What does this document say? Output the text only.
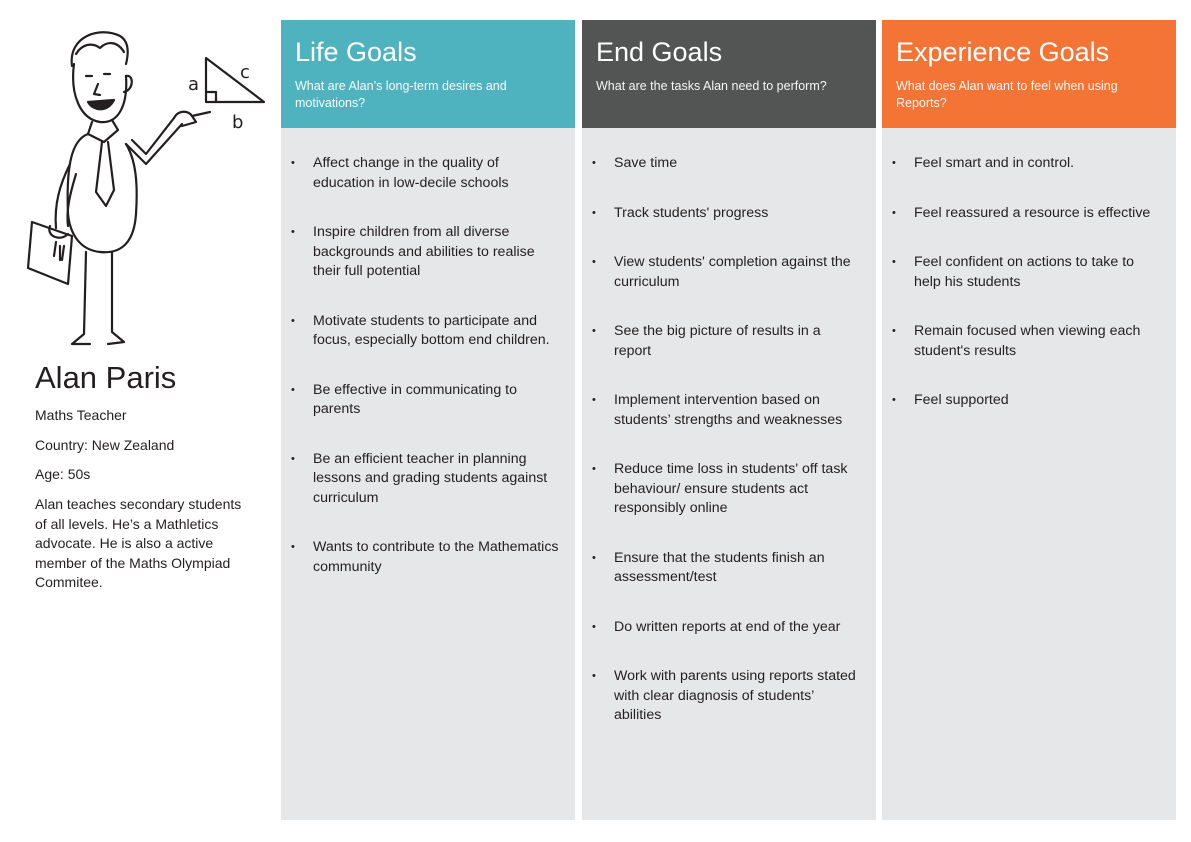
a
c
b
Alan Paris
Maths Teacher
Country: New Zealand
Age: 50s
Alan teaches secondary students of all levels. He’s a Mathletics advocate. He is also a active member of the Maths Olympiad Commitee.
Life Goals
What are Alan’s long-term desires and motivations?
• Affect change in the quality of education in low-decile schools
• Inspire children from all diverse backgrounds and abilities to realise their full potential
• Motivate students to participate and focus, especially bottom end children.
• Be effective in communicating to parents
• Be an efficient teacher in planning lessons and grading students against curriculum
• Wants to contribute to the Mathematics community
End Goals
What are the tasks Alan need to perform?
• Save time
• Track students' progress
• View students' completion against the curriculum
• See the big picture of results in a report
• Implement intervention based on students’ strengths and weaknesses
• Reduce time loss in students' off task behaviour/ ensure students act responsibly online
• Ensure that the students finish an assessment/test
• Do written reports at end of the year
• Work with parents using reports stated with clear diagnosis of students’ abilities
Experience Goals
What does Alan want to feel when using Reports?
• Feel smart and in control.
• Feel reassured a resource is effective
• Feel confident on actions to take to help his students
• Remain focused when viewing each student's results
• Feel supported
